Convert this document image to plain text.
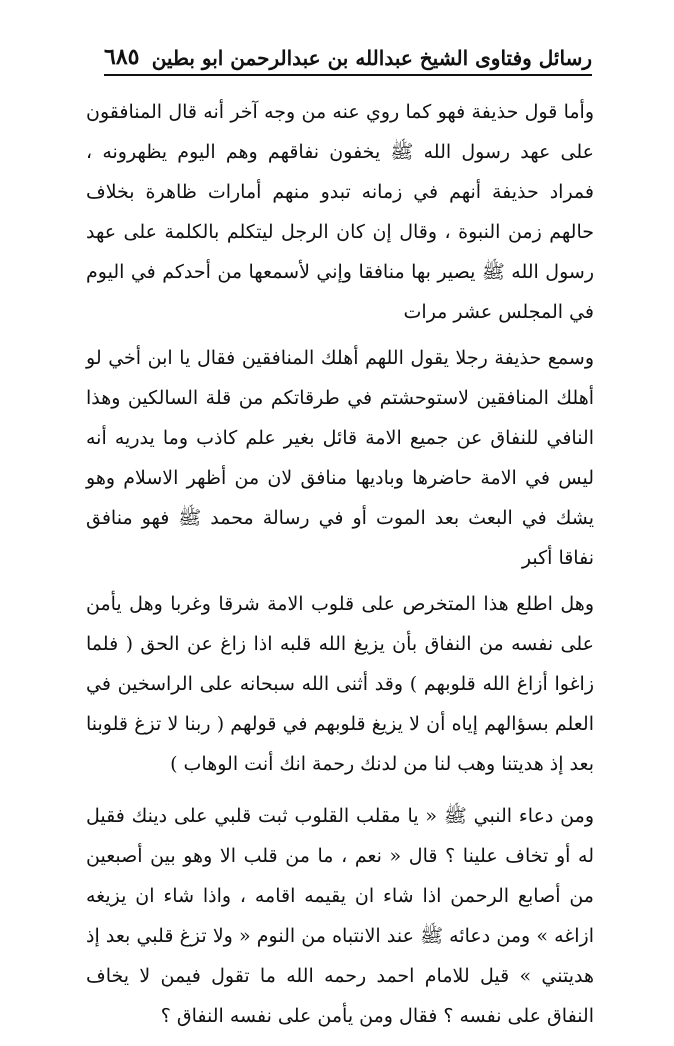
رسائل وفتاوى الشيخ عبدالله بن عبدالرحمن ابو بطين
٦٨٥

وأما قول حذيفة فهو كما روي عنه من وجه آخر أنه قال المنافقون على عهد رسول الله ﷺ يخفون نفاقهم وهم اليوم يظهرونه ، فمراد حذيفة أنهم في زمانه تبدو منهم أمارات ظاهرة بخلاف حالهم زمن النبوة ، وقال إن كان الرجل ليتكلم بالكلمة على عهد رسول الله ﷺ يصير بها منافقا وإني لأسمعها من أحدكم في اليوم في المجلس عشر مرات

وسمع حذيفة رجلا يقول اللهم أهلك المنافقين فقال يا ابن أخي لو أهلك المنافقين لاستوحشتم في طرقاتكم من قلة السالكين وهذا النافي للنفاق عن جميع الامة قائل بغير علم كاذب وما يدريه أنه ليس في الامة حاضرها وباديها منافق لان من أظهر الاسلام وهو يشك في البعث بعد الموت أو في رسالة محمد ﷺ فهو منافق نفاقا أكبر

وهل اطلع هذا المتخرص على قلوب الامة شرقا وغربا وهل يأمن على نفسه من النفاق بأن يزيغ الله قلبه اذا زاغ عن الحق ( فلما زاغوا أزاغ الله قلوبهم ) وقد أثنى الله سبحانه على الراسخين في العلم بسؤالهم إياه أن لا يزيغ قلوبهم في قولهم ( ربنا لا تزغ قلوبنا بعد إذ هديتنا وهب لنا من لدنك رحمة انك أنت الوهاب )

ومن دعاء النبي ﷺ « يا مقلب القلوب ثبت قلبي على دينك فقيل له أو تخاف علينا ؟ قال « نعم ، ما من قلب الا وهو بين أصبعين من أصابع الرحمن اذا شاء ان يقيمه اقامه ، واذا شاء ان يزيغه ازاغه » ومن دعائه ﷺ عند الانتباه من النوم « ولا تزغ قلبي بعد إذ هديتني » قيل للامام احمد رحمه الله ما تقول فيمن لا يخاف النفاق على نفسه ؟ فقال ومن يأمن على نفسه النفاق ؟
